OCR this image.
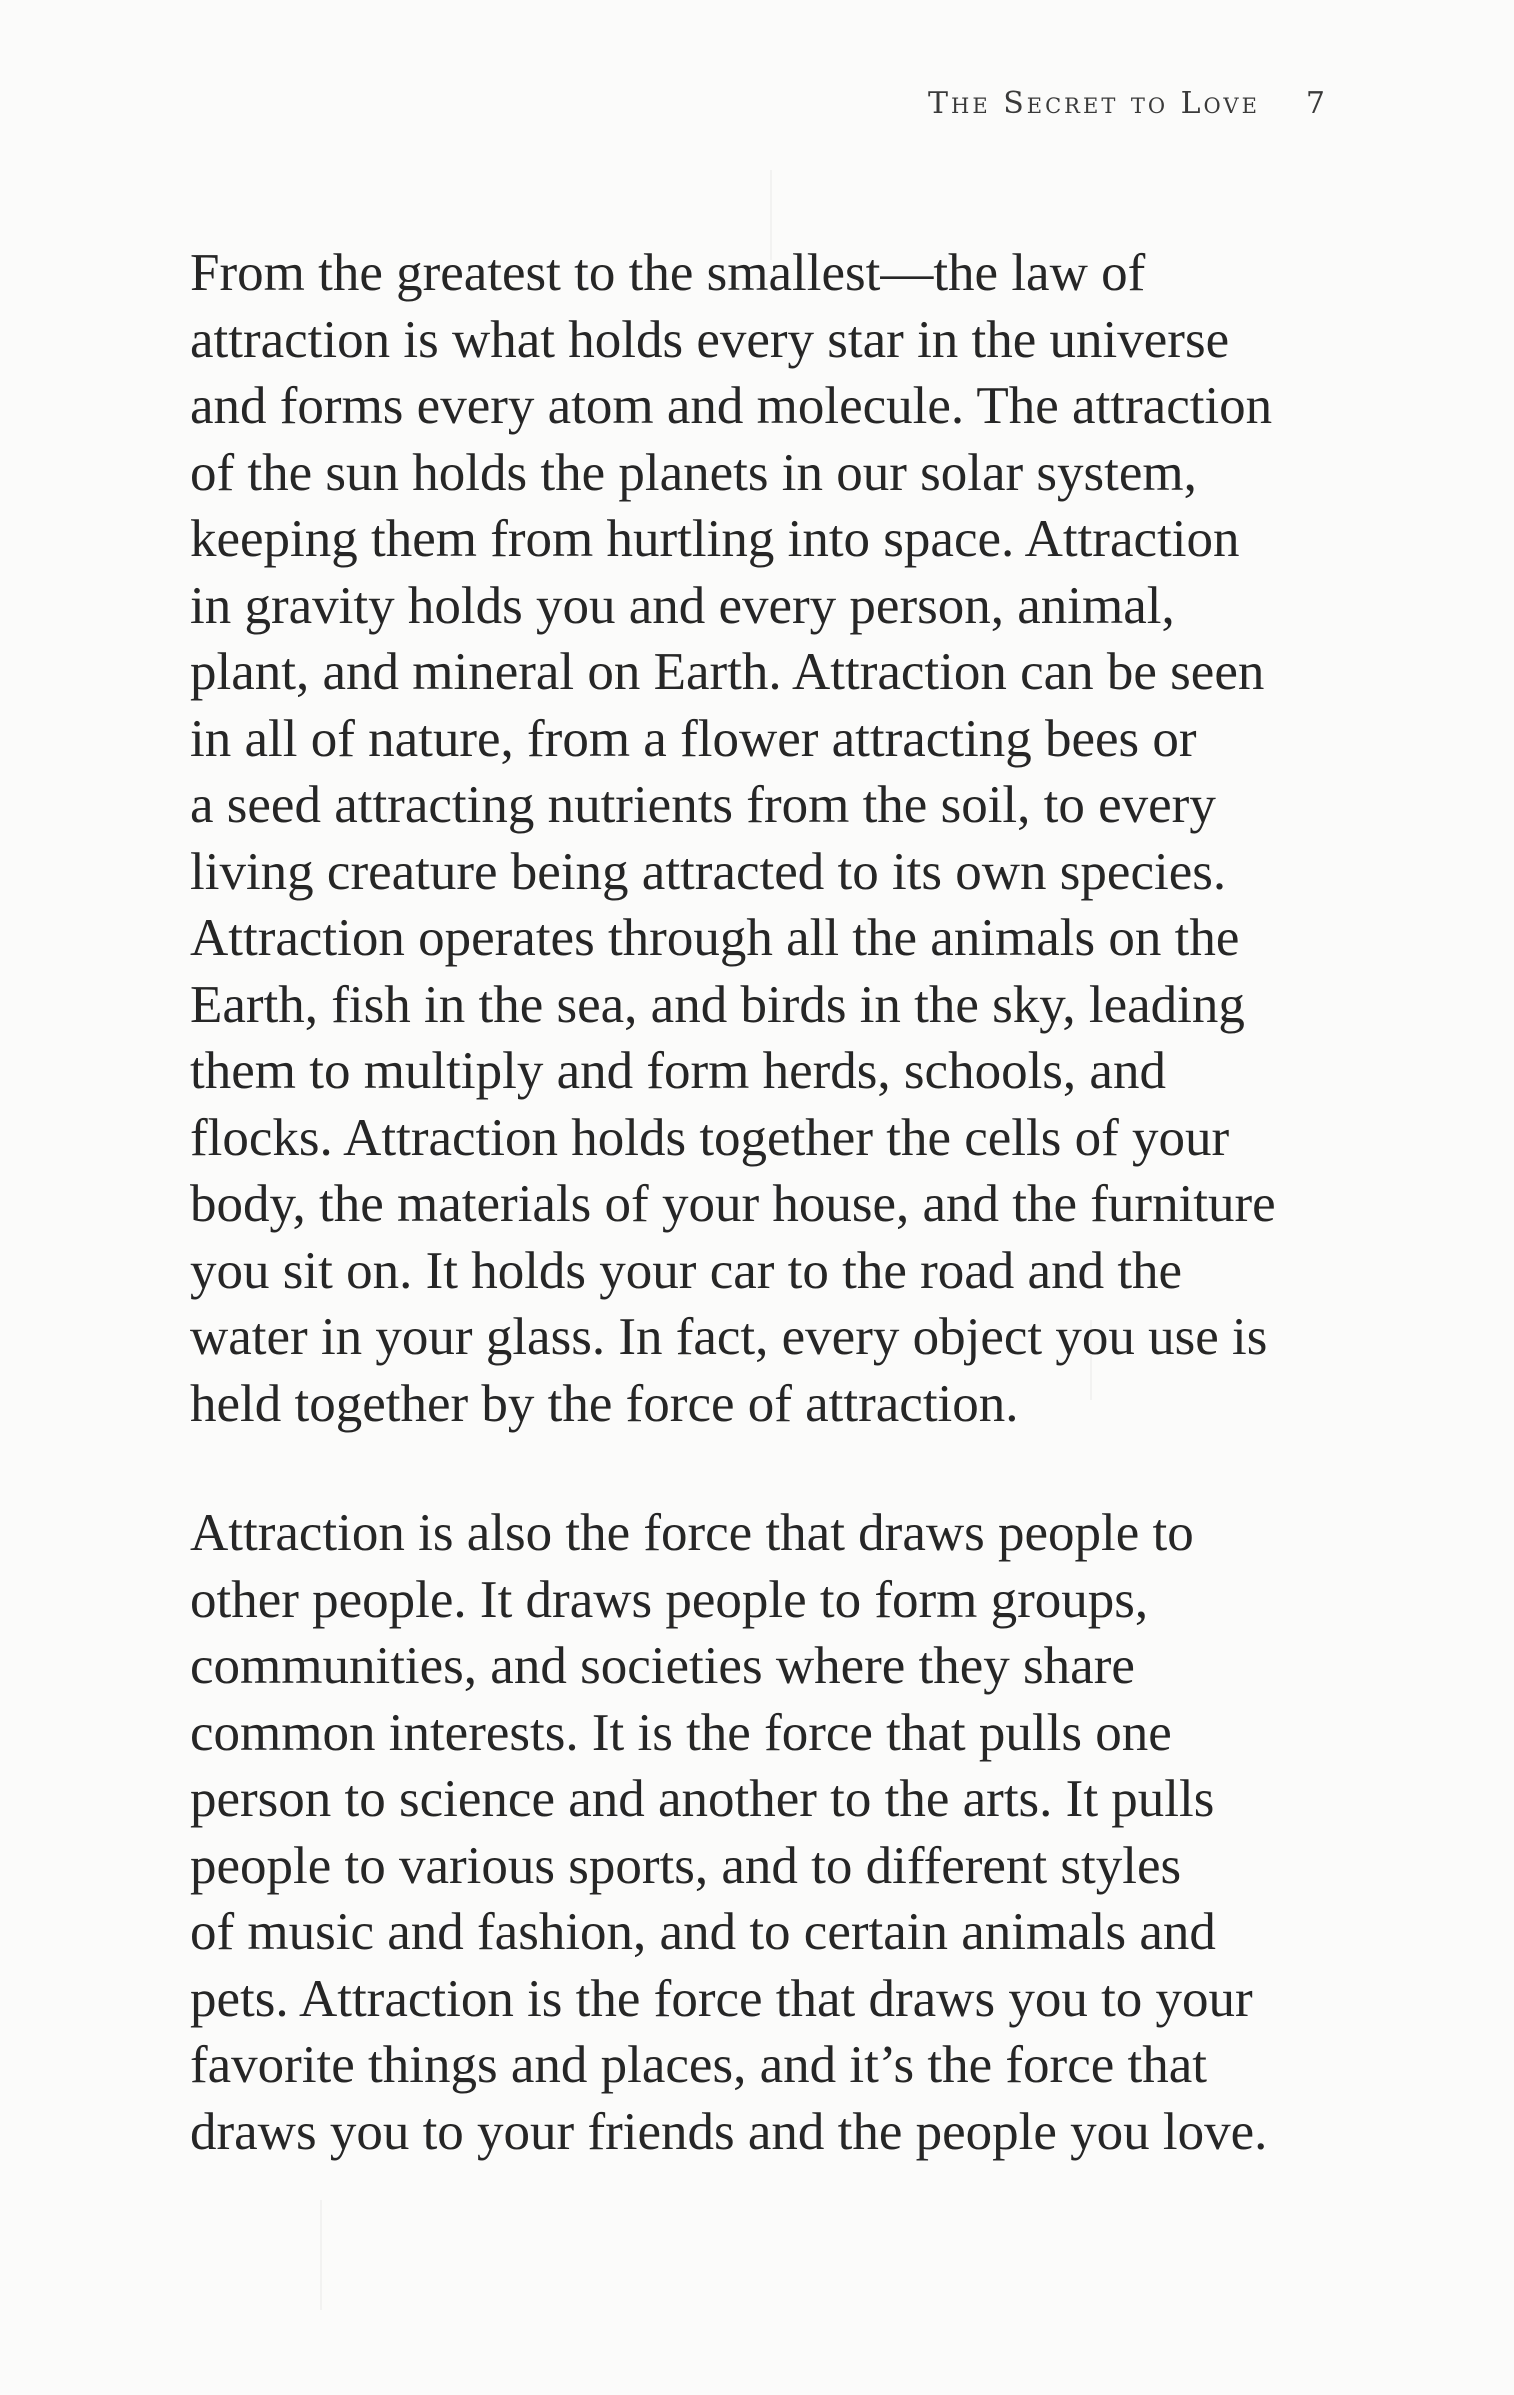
The Secret to Love 7

From the greatest to the smallest—the law of
attraction is what holds every star in the universe
and forms every atom and molecule. The attraction
of the sun holds the planets in our solar system,
keeping them from hurtling into space. Attraction
in gravity holds you and every person, animal,
plant, and mineral on Earth. Attraction can be seen
in all of nature, from a flower attracting bees or
a seed attracting nutrients from the soil, to every
living creature being attracted to its own species.
Attraction operates through all the animals on the
Earth, fish in the sea, and birds in the sky, leading
them to multiply and form herds, schools, and
flocks. Attraction holds together the cells of your
body, the materials of your house, and the furniture
you sit on. It holds your car to the road and the
water in your glass. In fact, every object you use is
held together by the force of attraction.

Attraction is also the force that draws people to
other people. It draws people to form groups,
communities, and societies where they share
common interests. It is the force that pulls one
person to science and another to the arts. It pulls
people to various sports, and to different styles
of music and fashion, and to certain animals and
pets. Attraction is the force that draws you to your
favorite things and places, and it’s the force that
draws you to your friends and the people you love.
